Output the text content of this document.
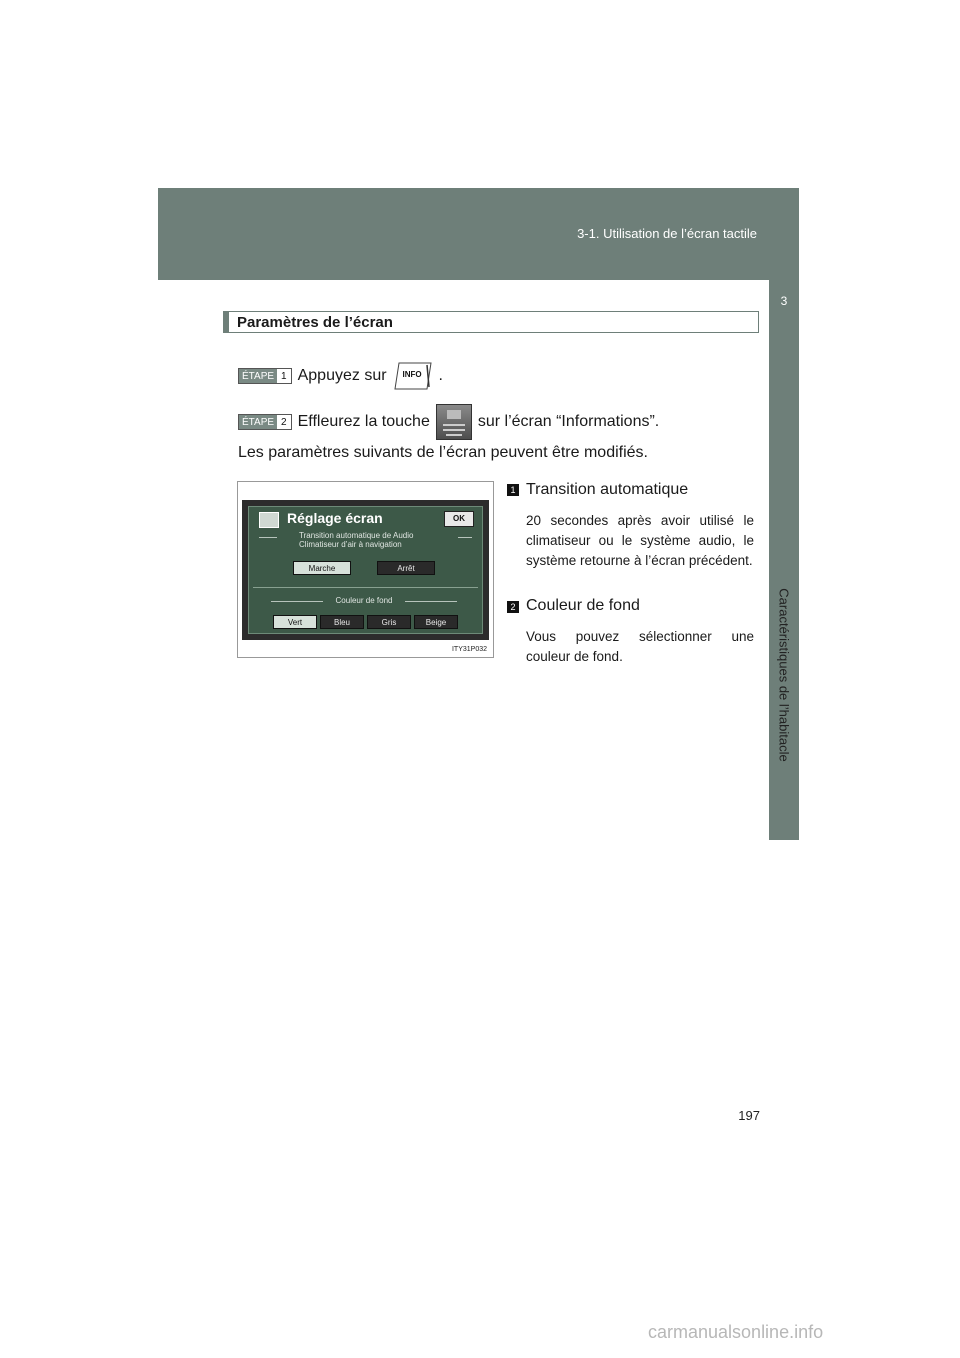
3-1. Utilisation de l’écran tactile
3
Caractéristiques de l’habitacle
Paramètres de l’écran
ÉTAPE 1 Appuyez sur INFO .
ÉTAPE 2 Effleurez la touche	sur l’écran “Informations”.
Les paramètres suivants de l’écran peuvent être modifiés.
Réglage écran	OK
Transition automatique de Audio
Climatiseur d’air à navigation
Marche	Arrêt
Couleur de fond
Vert	Bleu	Gris	Beige
ITY31P032
1 Transition automatique
20 secondes après avoir utilisé le climatiseur ou le système audio, le système retourne à l’écran précédent.
2 Couleur de fond
Vous pouvez sélectionner une couleur de fond.
197
carmanualsonline.info
